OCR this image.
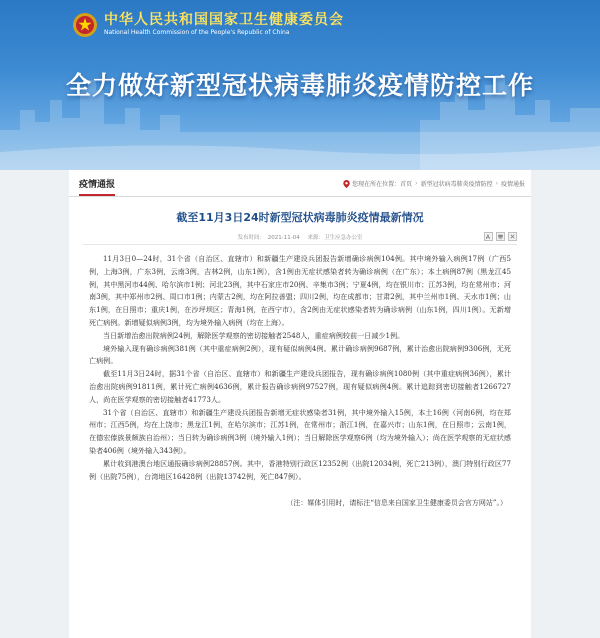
中华人民共和国国家卫生健康委员会
National Health Commission of the People's Republic of China
全力做好新型冠状病毒肺炎疫情防控工作
疫情通报	您现在所在位置： 首页 › 新型冠状病毒肺炎疫情防控 › 疫情通报
截至11月3日24时新型冠状病毒肺炎疫情最新情况
发布时间：　2021-11-04 来源：卫生应急办公室	A

11月3日0—24时，31个省（自治区、直辖市）和新疆生产建设兵团报告新增确诊病例104例。其中境外输入病例17例（广西5例，上海3例，广东3例，云南3例，吉林2例，山东1例），含1例由无症状感染者转为确诊病例（在广东）；本土病例87例（黑龙江45例，其中黑河市44例、哈尔滨市1例；河北23例，其中石家庄市20例、辛集市3例；宁夏4例，均在银川市；江苏3例，均在常州市；河南3例，其中郑州市2例、周口市1例；内蒙古2例，均在阿拉善盟；四川2例，均在成都市；甘肃2例，其中兰州市1例、天水市1例；山东1例，在日照市；重庆1例，在沙坪坝区；青海1例，在西宁市），含2例由无症状感染者转为确诊病例（山东1例，四川1例）。无新增死亡病例。新增疑似病例3例，均为境外输入病例（均在上海）。

当日新增治愈出院病例24例，解除医学观察的密切接触者2548人，重症病例较前一日减少1例。

境外输入现有确诊病例381例（其中重症病例2例），现有疑似病例4例。累计确诊病例9687例，累计治愈出院病例9306例，无死亡病例。

截至11月3日24时，据31个省（自治区、直辖市）和新疆生产建设兵团报告，现有确诊病例1080例（其中重症病例36例），累计治愈出院病例91811例，累计死亡病例4636例，累计报告确诊病例97527例，现有疑似病例4例。累计追踪到密切接触者1266727人，尚在医学观察的密切接触者41773人。

31个省（自治区、直辖市）和新疆生产建设兵团报告新增无症状感染者31例，其中境外输入15例，本土16例（河南6例，均在郑州市；江西5例，均在上饶市；黑龙江1例，在哈尔滨市；江苏1例，在常州市；浙江1例，在嘉兴市；山东1例，在日照市；云南1例，在德宏傣族景颇族自治州）；当日转为确诊病例3例（境外输入1例）；当日解除医学观察6例（均为境外输入）；尚在医学观察的无症状感染者406例（境外输入343例）。

累计收到港澳台地区通报确诊病例28857例。其中，香港特别行政区12352例（出院12034例，死亡213例），澳门特别行政区77例（出院75例），台湾地区16428例（出院13742例，死亡847例）。

（注：媒体引用时，请标注“信息来自国家卫生健康委员会官方网站”。）
